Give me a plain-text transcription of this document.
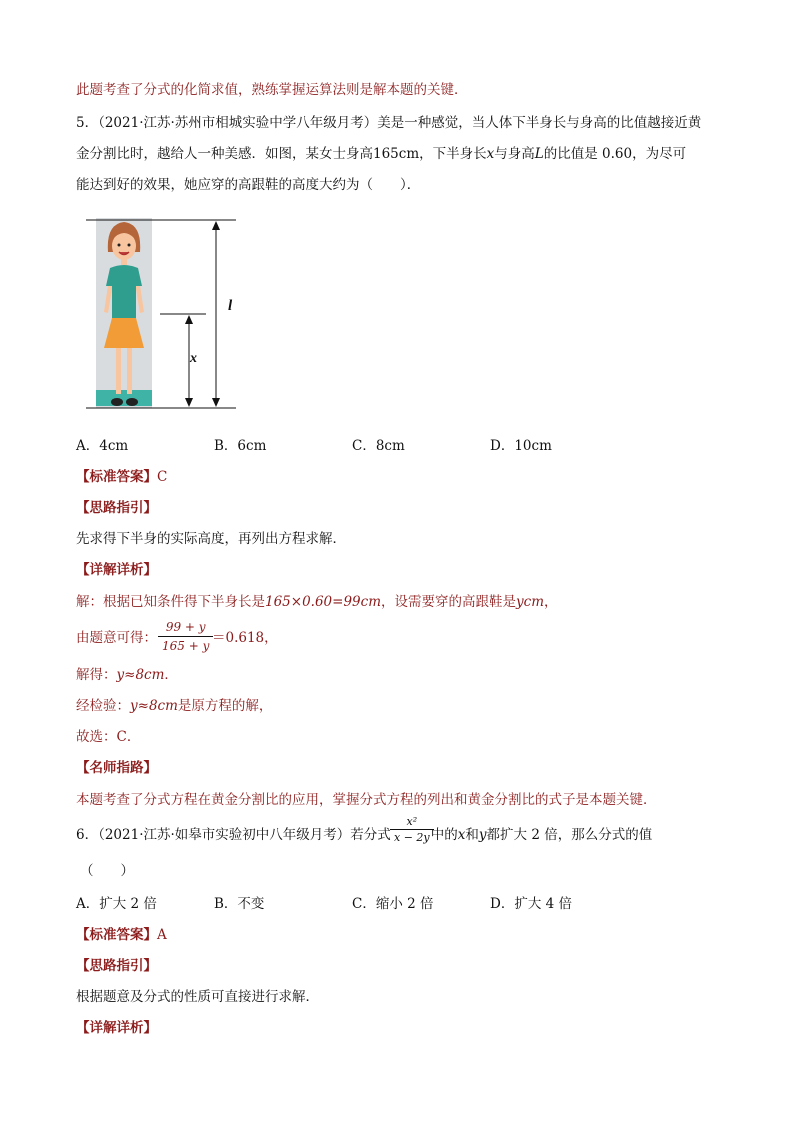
此题考查了分式的化简求值，熟练掌握运算法则是解本题的关键．
5．（2021·江苏·苏州市相城实验中学八年级月考）美是一种感觉，当人体下半身长与身高的比值越接近黄
金分割比时，越给人一种美感．如图，某女士身高165cm，下半身长x与身高L的比值是 0.60，为尽可
能达到好的效果，她应穿的高跟鞋的高度大约为（　　）．
l
x
A．4cm	B．6cm	C．8cm	D．10cm
【标准答案】C
【思路指引】
先求得下半身的实际高度，再列出方程求解．
【详解详析】
解：根据已知条件得下半身长是165×0.60=99cm，设需要穿的高跟鞋是ycm，
由题意可得：
99 + y
165 + y ＝0.618，
解得：y≈8cm．
经检验：y≈8cm是原方程的解，
故选：C．
【名师指路】
本题考查了分式方程在黄金分割比的应用，掌握分式方程的列出和黄金分割比的式子是本题关键．
6．（2021·江苏·如皋市实验初中八年级月考）若分式	中的x和y都扩大 2 倍，那么分式的值
x²
x − 2y
（　　）
A．扩大 2 倍	B．不变	C．缩小 2 倍	D．扩大 4 倍
【标准答案】A
【思路指引】
根据题意及分式的性质可直接进行求解．
【详解详析】
